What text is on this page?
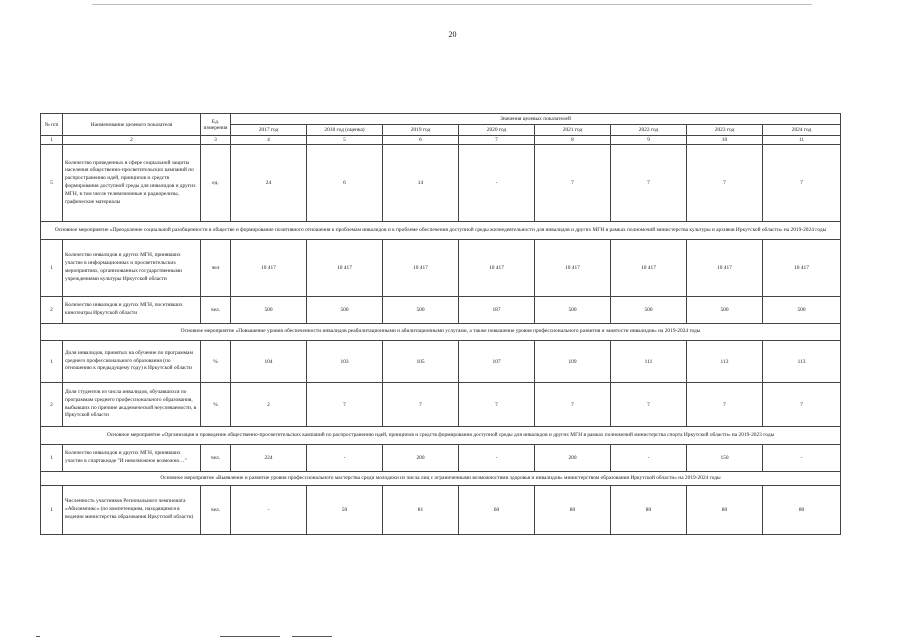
20
№ п/п	Наименование целевого показателя	Ед. измерения	Значения целевых показателей							
			2017 год	2018 год (оценка)	2019 год	2020 год	2021 год	2022 год	2023 год	2024 год
1	2	3	4	5	6	7	8	9	10	11
5	Количество проведенных в сфере социальной защиты населения общественно-просветительских кампаний по распространению идей, принципов и средств формирования доступной среды для инвалидов и других МГН, в том числе телевизионные и радиорелизы, графические материалы	ед.	24	6	14	-	7	7	7	7
Основное мероприятие «Преодоление социальной разобщенности в обществе и формирование позитивного отношения к проблемам инвалидов и к проблеме обеспечения доступной среды жизнедеятельности для инвалидов и других МГН в рамках полномочий министерства культуры и архивов Иркутской области» на 2019-2024 годы										
1	Количество инвалидов и других МГН, принявших участие в информационных и просветительских мероприятиях, организованных государственными учреждениями культуры Иркутской области	чел	10 417	10 417	10 417	10 417	10 417	10 417	10 417	10 417
2	Количество инвалидов и других МГН, посетивших кинотеатры Иркутской области	чел.	500	500	500	187	500	500	500	500
Основное мероприятие «Повышение уровня обеспеченности инвалидов реабилитационными и абилитационными услугами, а также повышение уровня профессионального развития и занятости инвалидов» на 2019-2024 годы										
1	Доля инвалидов, принятых на обучение по программам среднего профессионального образования (по отношению к предыдущему году) в Иркутской области	%	104	103	105	107	109	111	113	113
2	Доля студентов из числа инвалидов, обучавшихся по программам среднего профессионального образования, выбывших по причине академической неуспеваемости, в Иркутской области	%	2	7	7	7	7	7	7	7
Основное мероприятие «Организация и проведение общественно-просветительских кампаний по распространению идей, принципов и средств формирования доступной среды для инвалидов и других МГН в рамках полномочий министерства спорта Иркутской области» на 2019-2023 годы										
1	Количество инвалидов и других МГН, принявших участие в спартакиаде "И невозможное возможно…"	чел.	224	-	200	-	200	-	150	-
Основное мероприятие «Выявление и развитие уровня профессионального мастерства среди молодежи из числа лиц с ограниченными возможностями здоровья и инвалидов» министерством образования Иркутской области» на 2019-2024 годы										
1	Численность участников Регионального чемпионата «Абилимпикс» (по компетенциям, находящимся в ведении министерства образования Иркутской области)	чел.	-	50	81	60	80	80	80	80
